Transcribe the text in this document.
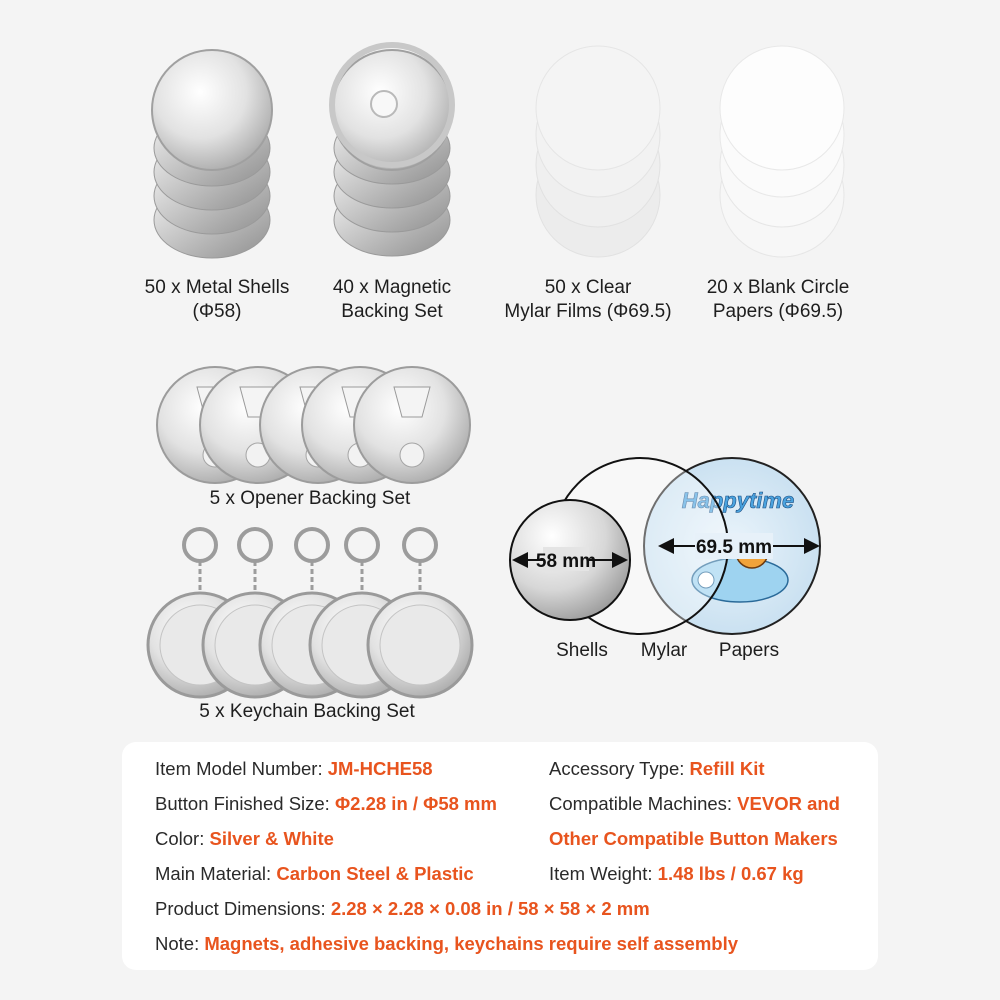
Happytime
58 mm
69.5 mm
Shells Mylar Papers
50 x Metal Shells
(Φ58)
40 x Magnetic
Backing Set
50 x Clear
Mylar Films (Φ69.5)
20 x Blank Circle
Papers (Φ69.5)
5 x Opener Backing Set
5 x Keychain Backing Set
Item Model Number: JM-HCHE58	Accessory Type: Refill Kit
Button Finished Size: Φ2.28 in / Φ58 mm	Compatible Machines: VEVOR and
Other Compatible Button Makers
Color: Silver & White
Main Material: Carbon Steel & Plastic	Item Weight: 1.48 lbs / 0.67 kg
Product Dimensions: 2.28 × 2.28 × 0.08 in / 58 × 58 × 2 mm
Note: Magnets, adhesive backing, keychains require self assembly
